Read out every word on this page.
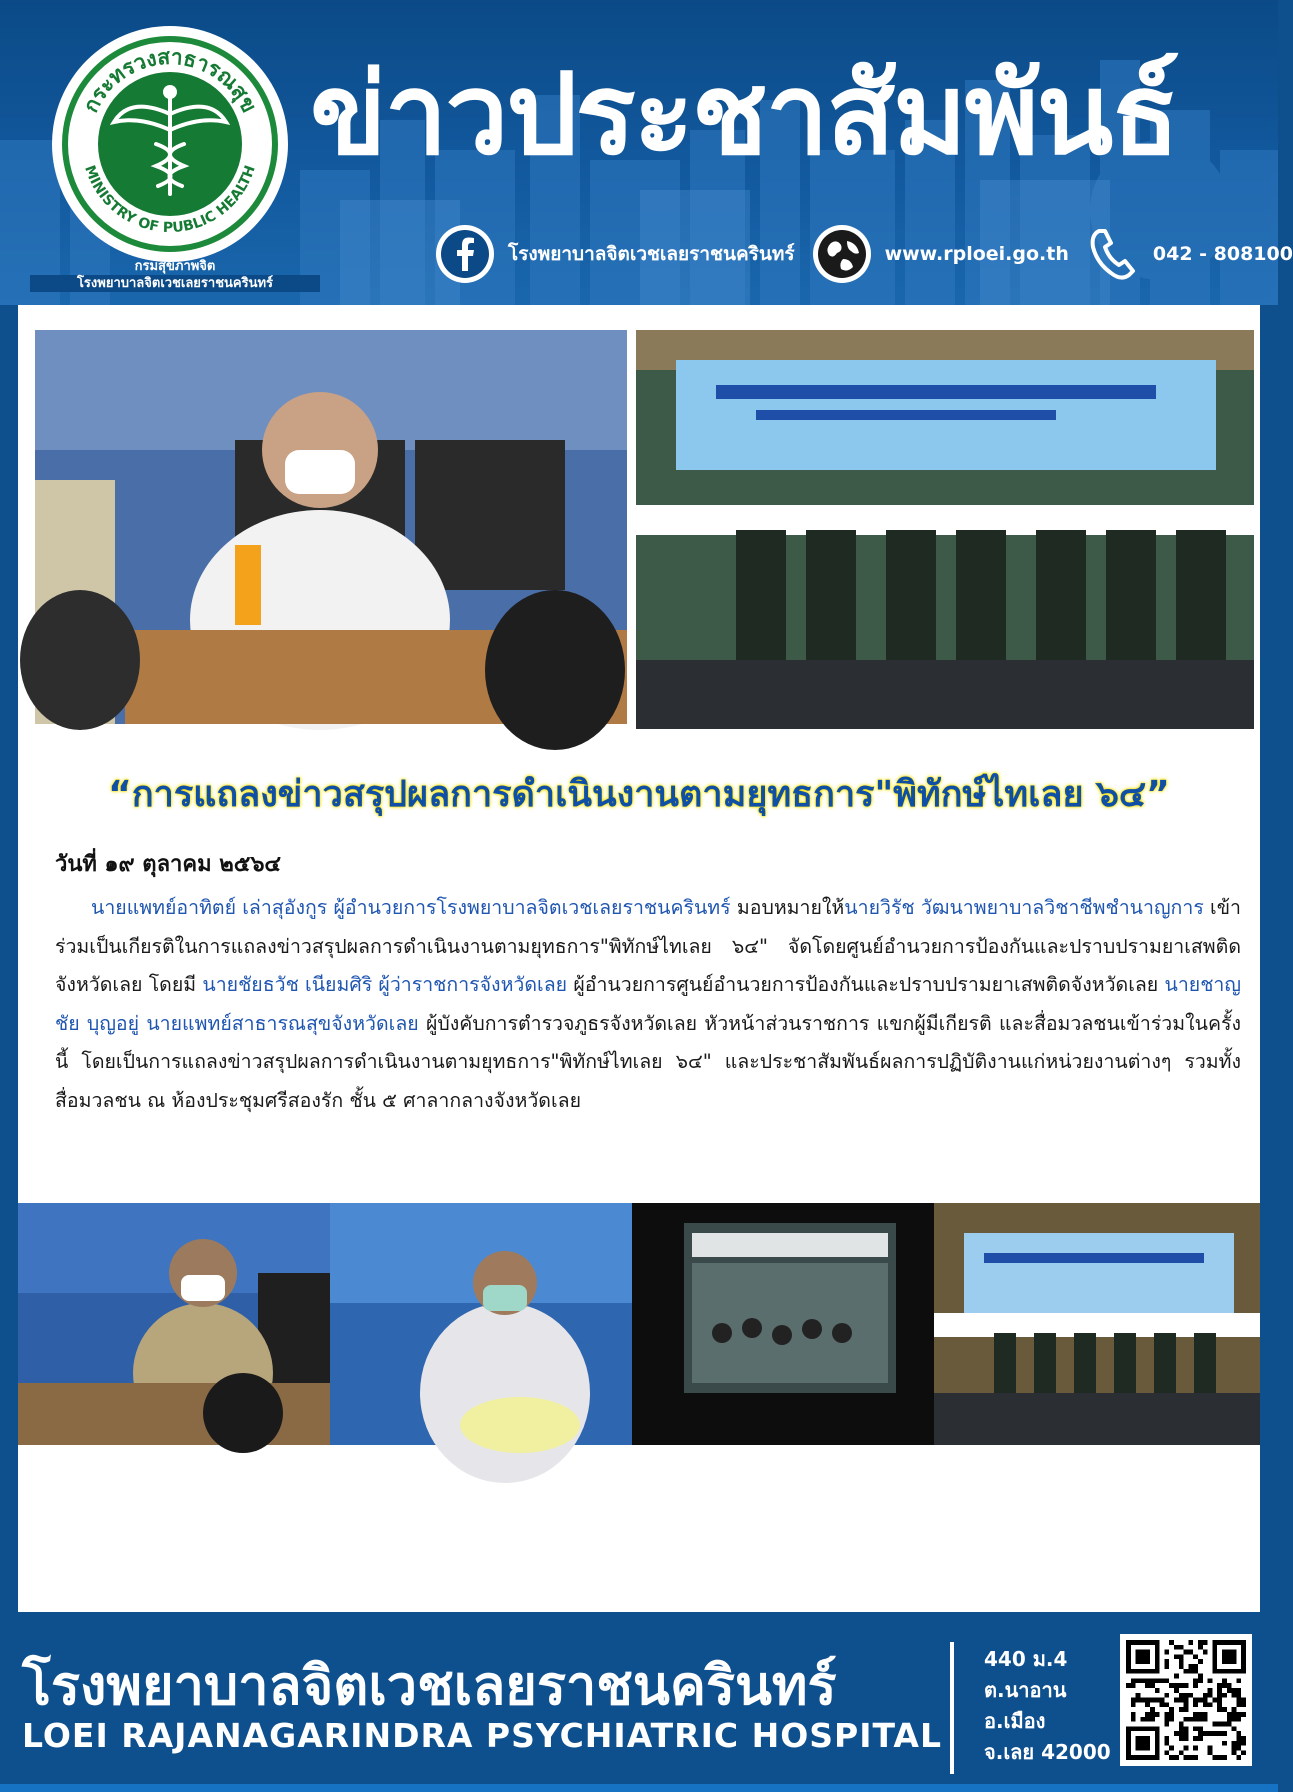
กระทรวงสาธารณสุข
MINISTRY OF PUBLIC HEALTH
กรมสุขภาพจิต
โรงพยาบาลจิตเวชเลยราชนครินทร์
ข่าวประชาสัมพันธ์
โรงพยาบาลจิตเวชเลยราชนครินทร์	www.rploei.go.th	042 - 808100
“การแถลงข่าวสรุปผลการดำเนินงานตามยุทธการ"พิทักษ์ไทเลย ๖๔”
วันที่ ๑๙ ตุลาคม ๒๕๖๔
นายแพทย์อาทิตย์ เล่าสุอังกูร ผู้อำนวยการโรงพยาบาลจิตเวชเลยราชนครินทร์ มอบหมายให้นายวิรัช วัฒนาพยาบาลวิชาชีพชำนาญการ เข้าร่วมเป็นเกียรติในการแถลงข่าวสรุปผลการดำเนินงานตามยุทธการ"พิทักษ์ไทเลย ๖๔" จัดโดยศูนย์อำนวยการป้องกันและปราบปรามยาเสพติดจังหวัดเลย โดยมี นายชัยธวัช เนียมศิริ ผู้ว่าราชการจังหวัดเลย ผู้อำนวยการศูนย์อำนวยการป้องกันและปราบปรามยาเสพติดจังหวัดเลย นายชาญชัย บุญอยู่ นายแพทย์สาธารณสุขจังหวัดเลย ผู้บังคับการตำรวจภูธรจังหวัดเลย หัวหน้าส่วนราชการ แขกผู้มีเกียรติ และสื่อมวลชนเข้าร่วมในครั้งนี้ โดยเป็นการแถลงข่าวสรุปผลการดำเนินงานตามยุทธการ"พิทักษ์ไทเลย ๖๔" และประชาสัมพันธ์ผลการปฏิบัติงานแก่หน่วยงานต่างๆ รวมทั้งสื่อมวลชน ณ ห้องประชุมศรีสองรัก ชั้น ๕ ศาลากลางจังหวัดเลย
โรงพยาบาลจิตเวชเลยราชนครินทร์
LOEI RAJANAGARINDRA PSYCHIATRIC HOSPITAL
440 ม.4
ต.นาอาน
อ.เมือง
จ.เลย 42000
